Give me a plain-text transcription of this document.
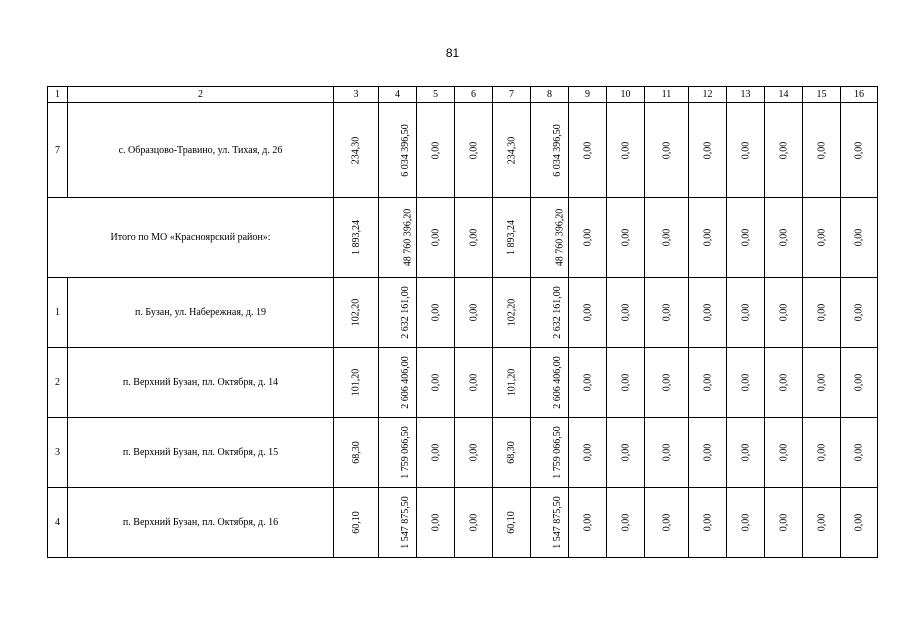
81
1	2	3	4	5	6	7	8	9	10	11	12	13	14	15	16
7	с. Образцово-Травино, ул. Тихая, д. 26	234,30	6 034 396,50	0,00	0,00	234,30	6 034 396,50	0,00	0,00	0,00	0,00	0,00	0,00	0,00	0,00
Итого по МО «Красноярский район»:		1 893,24	48 760 396,20	0,00	0,00	1 893,24	48 760 396,20	0,00	0,00	0,00	0,00	0,00	0,00	0,00	0,00
1	п. Бузан, ул. Набережная, д. 19	102,20	2 632 161,00	0,00	0,00	102,20	2 632 161,00	0,00	0,00	0,00	0,00	0,00	0,00	0,00	0,00
2	п. Верхний Бузан, пл. Октября, д. 14	101,20	2 606 406,00	0,00	0,00	101,20	2 606 406,00	0,00	0,00	0,00	0,00	0,00	0,00	0,00	0,00
3	п. Верхний Бузан, пл. Октября, д. 15	68,30	1 759 066,50	0,00	0,00	68,30	1 759 066,50	0,00	0,00	0,00	0,00	0,00	0,00	0,00	0,00
4	п. Верхний Бузан, пл. Октября, д. 16	60,10	1 547 875,50	0,00	0,00	60,10	1 547 875,50	0,00	0,00	0,00	0,00	0,00	0,00	0,00	0,00
